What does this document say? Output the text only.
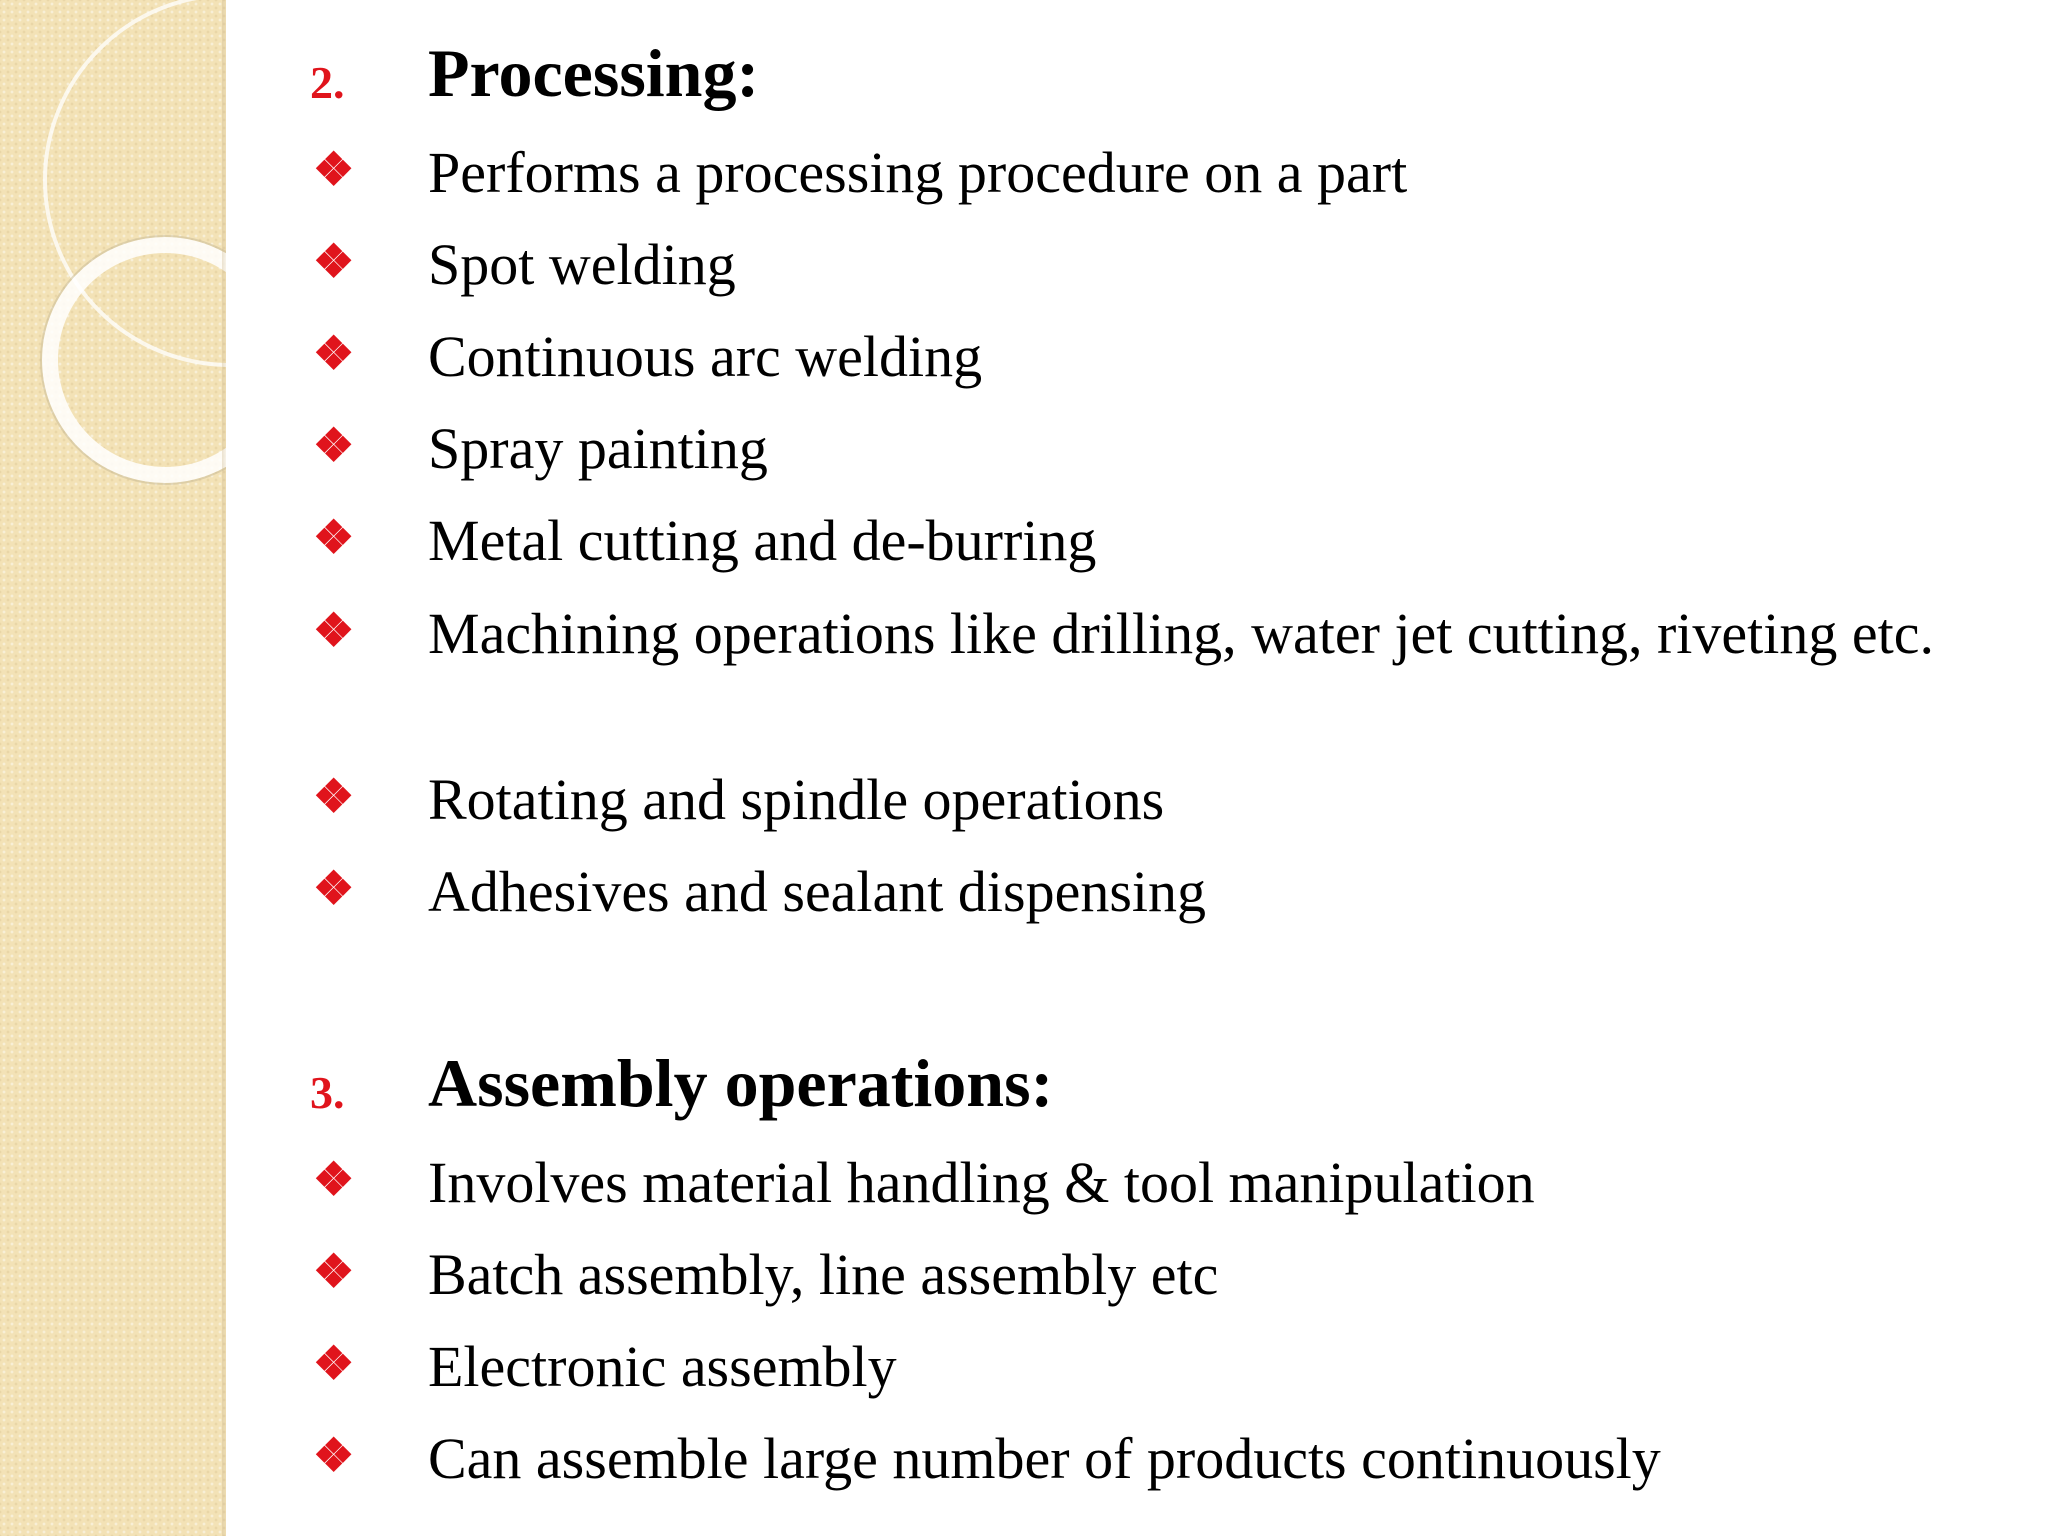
2.	Processing:
❖	Performs a processing procedure on a part
❖	Spot welding
❖	Continuous arc welding
❖	Spray painting
❖	Metal cutting and de-burring
❖	Machining operations like drilling, water jet cutting, riveting etc.
❖	Rotating and spindle operations
❖	Adhesives and sealant dispensing
3.	Assembly operations:
❖	Involves material handling & tool manipulation
❖	Batch assembly, line assembly etc
❖	Electronic assembly
❖	Can assemble large number of products continuously
